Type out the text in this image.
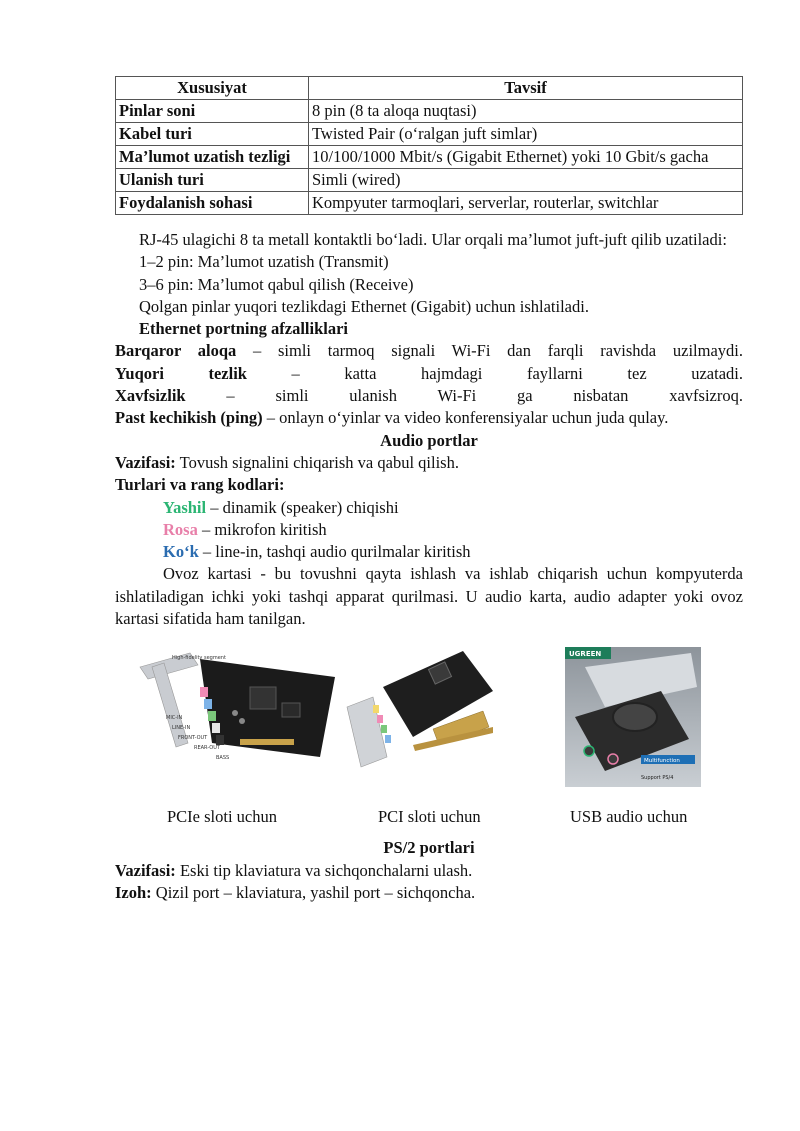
Xususiyat	Tavsif
Pinlar soni	8 pin (8 ta aloqa nuqtasi)
Kabel turi	Twisted Pair (o‘ralgan juft simlar)
Ma’lumot uzatish tezligi	10/100/1000 Mbit/s (Gigabit Ethernet) yoki 10 Gbit/s gacha
Ulanish turi	Simli (wired)
Foydalanish sohasi	Kompyuter tarmoqlari, serverlar, routerlar, switchlar

RJ-45 ulagichi 8 ta metall kontaktli bo‘ladi. Ular orqali ma’lumot juft-juft qilib uzatiladi:

1–2 pin: Ma’lumot uzatish (Transmit)

3–6 pin: Ma’lumot qabul qilish (Receive)

Qolgan pinlar yuqori tezlikdagi Ethernet (Gigabit) uchun ishlatiladi.

Ethernet portning afzalliklari

Barqaror aloqa – simli tarmoq signali Wi-Fi dan farqli ravishda uzilmaydi.

Yuqori tezlik – katta hajmdagi fayllarni tez uzatadi.

Xavfsizlik – simli ulanish Wi-Fi ga nisbatan xavfsizroq.

Past kechikish (ping) – onlayn o‘yinlar va video konferensiyalar uchun juda qulay.

Audio portlar

Vazifasi: Tovush signalini chiqarish va qabul qilish.

Turlari va rang kodlari:

Yashil – dinamik (speaker) chiqishi

Rosa – mikrofon kiritish

Ko‘k – line-in, tashqi audio qurilmalar kiritish

Ovoz kartasi - bu tovushni qayta ishlash va ishlab chiqarish uchun kompyuterda ishlatiladigan ichki yoki tashqi apparat qurilmasi. U audio karta, audio adapter yoki ovoz kartasi sifatida ham tanilgan.

High-fidelity segment
MIC-IN
LINE-IN
FRONT-OUT
REAR-OUT
BASS
UGREEN
Multifunction
Support PS/4
PCIe sloti uchun	PCI sloti uchun	USB audio uchun

PS/2 portlari

Vazifasi: Eski tip klaviatura va sichqonchalarni ulash.

Izoh: Qizil port – klaviatura, yashil port – sichqoncha.
